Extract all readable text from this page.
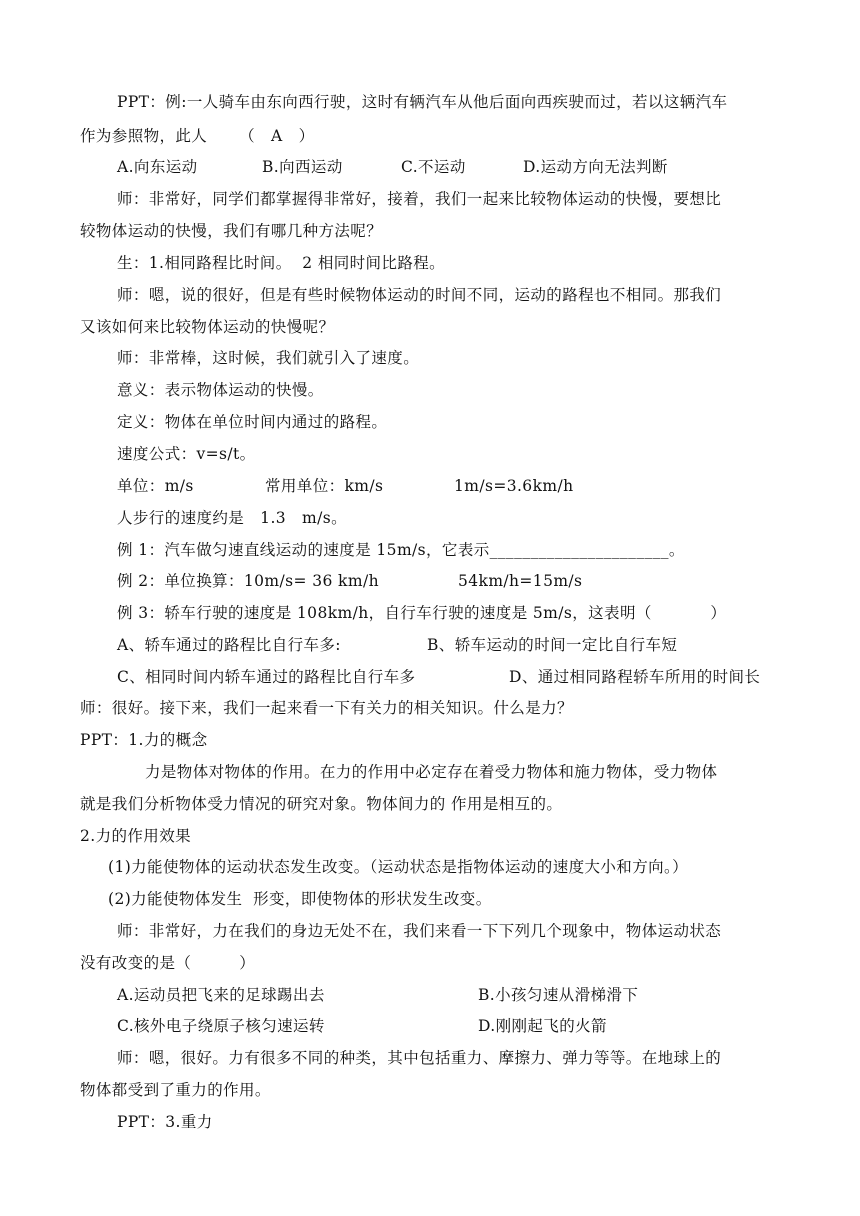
PPT：例:一人骑车由东向西行驶，这时有辆汽车从他后面向西疾驶而过，若以这辆汽车
作为参照物，此人      （   A   ）
A.向东运动	B.向西运动	C.不运动	D.运动方向无法判断
师：非常好，同学们都掌握得非常好，接着，我们一起来比较物体运动的快慢，要想比
较物体运动的快慢，我们有哪几种方法呢？
生：1.相同路程比时间。  2 相同时间比路程。
师：嗯，说的很好，但是有些时候物体运动的时间不同，运动的路程也不相同。那我们
又该如何来比较物体运动的快慢呢？
师：非常棒，这时候，我们就引入了速度。
意义：表示物体运动的快慢。
定义：物体在单位时间内通过的路程。
速度公式：v=s/t。
单位：m/s	常用单位：km/s	1m/s=3.6km/h
人步行的速度约是   1.3   m/s。
例 1：汽车做匀速直线运动的速度是 15m/s，它表示______________________。
例 2：单位换算：10m/s= 36 km/h	54km/h=15m/s
例 3：轿车行驶的速度是 108km/h，自行车行驶的速度是 5m/s，这表明（           ）
A、轿车通过的路程比自行车多:	B、轿车运动的时间一定比自行车短
C、相同时间内轿车通过的路程比自行车多	D、通过相同路程轿车所用的时间长
师：很好。接下来，我们一起来看一下有关力的相关知识。什么是力？
PPT：1.力的概念
力是物体对物体的作用。在力的作用中必定存在着受力物体和施力物体，受力物体
就是我们分析物体受力情况的研究对象。物体间力的 作用是相互的。
2.力的作用效果
(1)力能使物体的运动状态发生改变。（运动状态是指物体运动的速度大小和方向。）
(2)力能使物体发生  形变，即使物体的形状发生改变。
师：非常好，力在我们的身边无处不在，我们来看一下下列几个现象中，物体运动状态
没有改变的是（         ）
A.运动员把飞来的足球踢出去	B.小孩匀速从滑梯滑下
C.核外电子绕原子核匀速运转	D.刚刚起飞的火箭
师：嗯，很好。力有很多不同的种类，其中包括重力、摩擦力、弹力等等。在地球上的
物体都受到了重力的作用。
PPT：3.重力
